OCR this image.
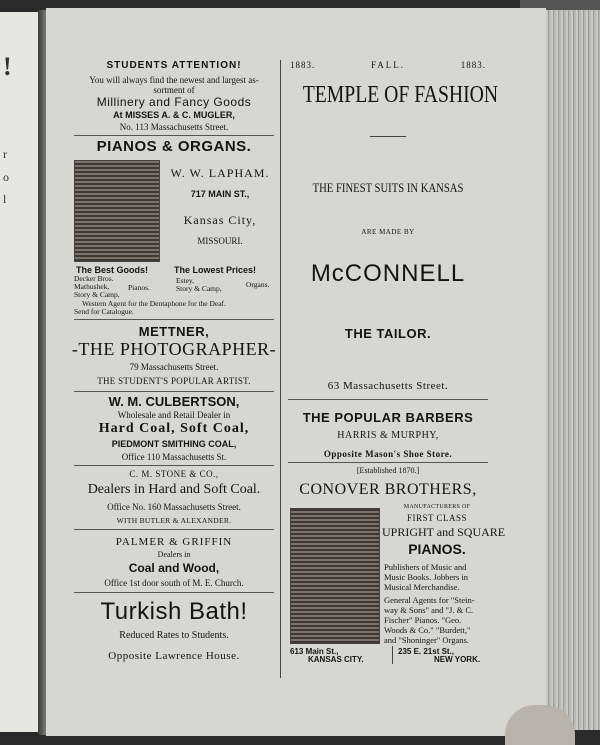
!
r
o
l
STUDENTS ATTENTION!
You will always find the newest and largest as-
sortment of
Millinery and Fancy Goods
At MISSES A. & C. MUGLER,
No. 113 Massachusetts Street.
PIANOS & ORGANS.
W. W. LAPHAM.
717 MAIN ST.,
Kansas City,
MISSOURI.
The Best Goods!	The Lowest Prices!
Decker Bros.
Mathushek,
Story & Camp,
Pianos.
Estey,
Story & Camp,	Organs.
Western Agent for the Dentaphone for the Deaf.
Send for Catalogue.
METTNER,
-THE PHOTOGRAPHER-
79 Massachusetts Street.
THE STUDENT'S POPULAR ARTIST.
W. M. CULBERTSON,
Wholesale and Retail Dealer in
Hard Coal, Soft Coal,
PIEDMONT SMITHING COAL,
Office 110 Massachusetts St.
C. M. STONE & CO.,
Dealers in Hard and Soft Coal.
Office No. 160 Massachusetts Street.
WITH BUTLER & ALEXANDER.
PALMER & GRIFFIN
Dealers in
Coal and Wood,
Office 1st door south of M. E. Church.
Turkish Bath!
Reduced Rates to Students.
Opposite Lawrence House.
1883.	FALL.	1883.
TEMPLE OF FASHION
THE FINEST SUITS IN KANSAS
ARE MADE BY
McCONNELL
THE TAILOR.
63 Massachusetts Street.
THE POPULAR BARBERS
HARRIS & MURPHY,
Opposite Mason's Shoe Store.
[Established 1870.]
CONOVER BROTHERS,
MANUFACTURERS OF
FIRST CLASS
UPRIGHT and SQUARE
PIANOS.
Publishers of Music and
Music Books. Jobbers in
Musical Merchandise.
General Agents for "Stein-
way & Sons" and "J. & C.
Fischer" Pianos. "Geo.
Woods & Co." "Burdett,"
and "Shoninger" Organs.
613 Main St.,
KANSAS CITY.
235 E. 21st St.,
NEW YORK.
